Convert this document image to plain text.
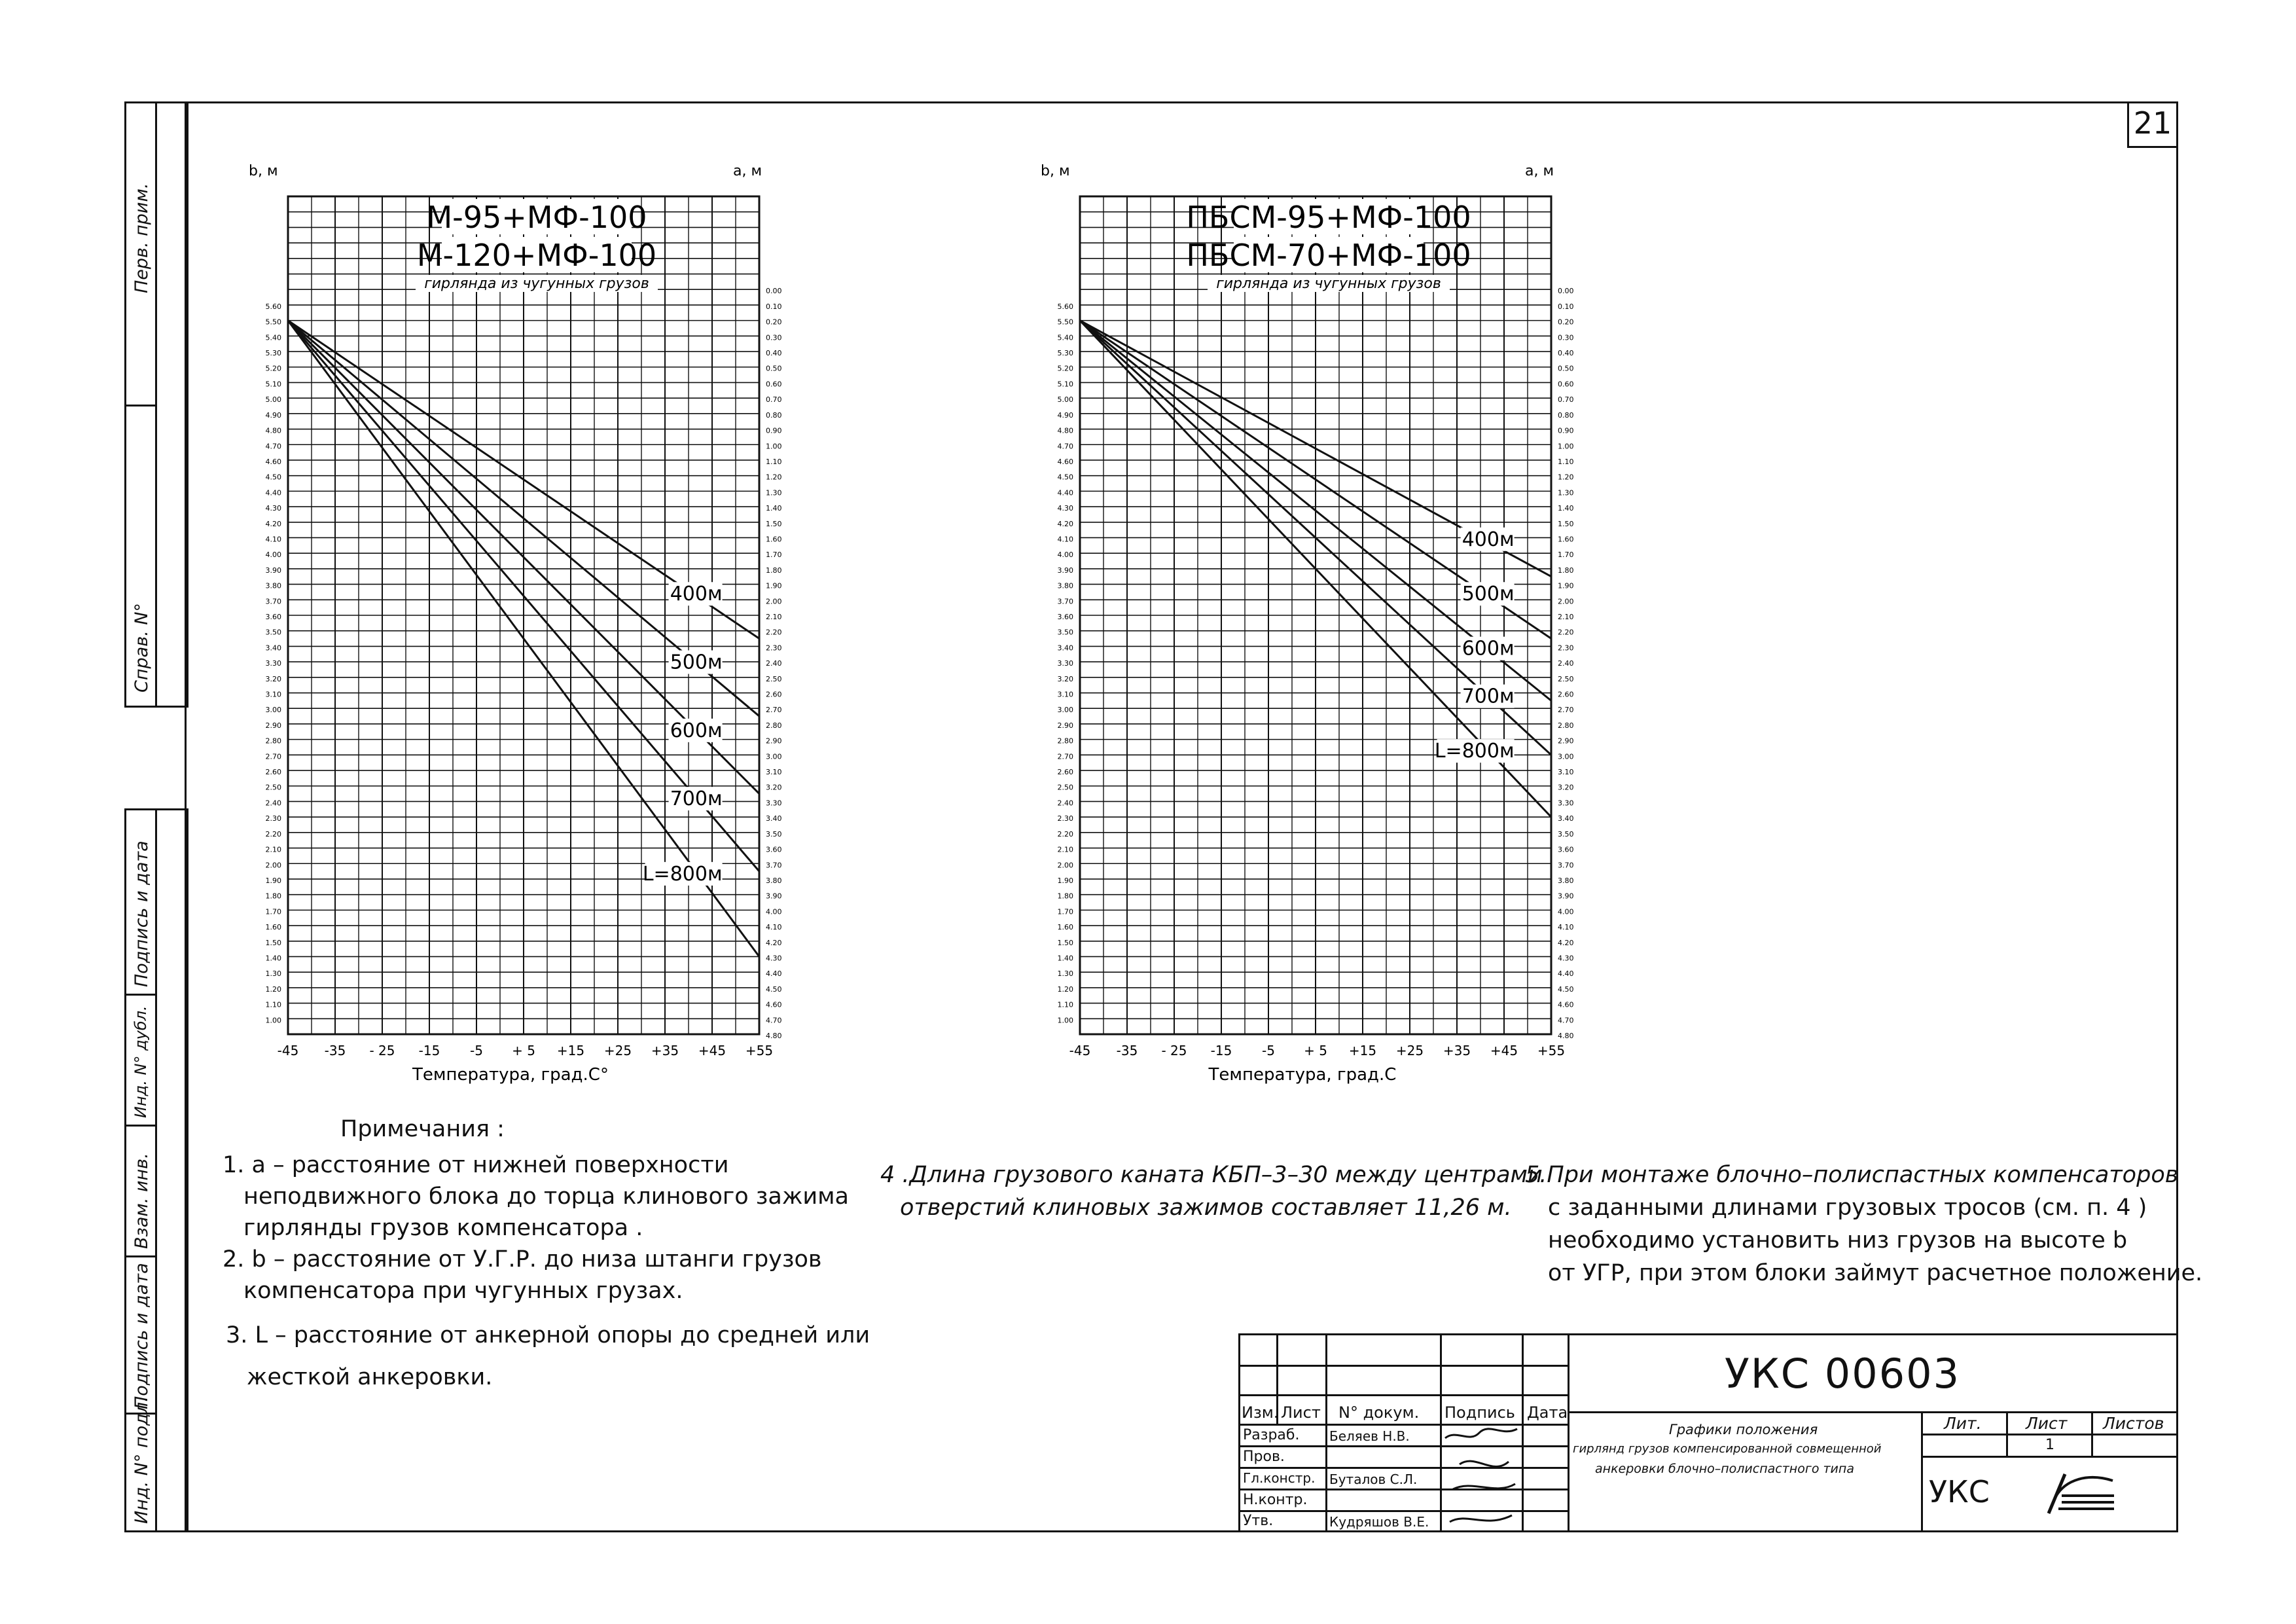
21
Перв. прим.
Справ. N°
Подпись и дата
Инд. N° дубл.
Взам. инв.
Подпись и дата
Инд. N° подл.
b, м	a, м
М-95+МФ-100
М-120+МФ-100
гирлянда из чугунных грузов
5.60
5.50
5.40
5.30
5.20
5.10
5.00
4.90
4.80
4.70
4.60
4.50
4.40
4.30
4.20
4.10
4.00
3.90
3.80
3.70
3.60
3.50
3.40
3.30
3.20
3.10
3.00
2.90
2.80
2.70
2.60
2.50
2.40
2.30
2.20
2.10
2.00
1.90
1.80
1.70
1.60
1.50
1.40
1.30
1.20
1.10
1.00
0.00
0.10
0.20
0.30
0.40
0.50
0.60
0.70
0.80
0.90
1.00
1.10
1.20
1.30
1.40
1.50
1.60
1.70
1.80
1.90
2.00
2.10
2.20
2.30
2.40
2.50
2.60
2.70
2.80
2.90
3.00
3.10
3.20
3.30
3.40
3.50
3.60
3.70
3.80
3.90
4.00
4.10
4.20
4.30
4.40
4.50
4.60
4.70
4.80
-45 -35 - 25 -15 -5 + 5 +15 +25 +35 +45 +55
Температура, град.С°
400м
500м
600м
700м
L=800м
b, м	a, м
ПБСМ-95+МФ-100
ПБСМ-70+МФ-100
гирлянда из чугунных грузов
5.60
5.50
5.40
5.30
5.20
5.10
5.00
4.90
4.80
4.70
4.60
4.50
4.40
4.30
4.20
4.10
4.00
3.90
3.80
3.70
3.60
3.50
3.40
3.30
3.20
3.10
3.00
2.90
2.80
2.70
2.60
2.50
2.40
2.30
2.20
2.10
2.00
1.90
1.80
1.70
1.60
1.50
1.40
1.30
1.20
1.10
1.00
0.00
0.10
0.20
0.30
0.40
0.50
0.60
0.70
0.80
0.90
1.00
1.10
1.20
1.30
1.40
1.50
1.60
1.70
1.80
1.90
2.00
2.10
2.20
2.30
2.40
2.50
2.60
2.70
2.80
2.90
3.00
3.10
3.20
3.30
3.40
3.50
3.60
3.70
3.80
3.90
4.00
4.10
4.20
4.30
4.40
4.50
4.60
4.70
4.80
-45 -35 - 25 -15 -5 + 5 +15 +25 +35 +45 +55
Температура, град.С
400м
500м
600м
700м
L=800м
Примечания :
1. a – расстояние от нижней поверхности
неподвижного блока до торца клинового зажима
гирлянды грузов компенсатора .
2. b – расстояние от У.Г.Р. до низа штанги грузов
компенсатора при чугунных грузах.
3. L – расстояние от анкерной опоры до средней или
жесткой анкеровки.
4 .Длина грузового каната КБП–3–30 между центрами
отверстий клиновых зажимов составляет 11,26 м.
5.При монтаже блочно–полиспастных компенсаторов
с заданными длинами грузовых тросов (см. п. 4 )
необходимо установить низ грузов на высоте b
от УГР, при этом блоки займут расчетное положение.
УКС 00603
Изм. Лист N° докум. Подпись Дата
Разраб. Беляев Н.В.
Пров.
Гл.констр. Буталов С.Л.
Н.контр.
Утв.	Кудряшов В.Е.
Графики положения
гирлянд грузов компенсированной совмещенной
анкеровки блочно–полиспастного типа
Лит.	Лист Листов
1
УКС
